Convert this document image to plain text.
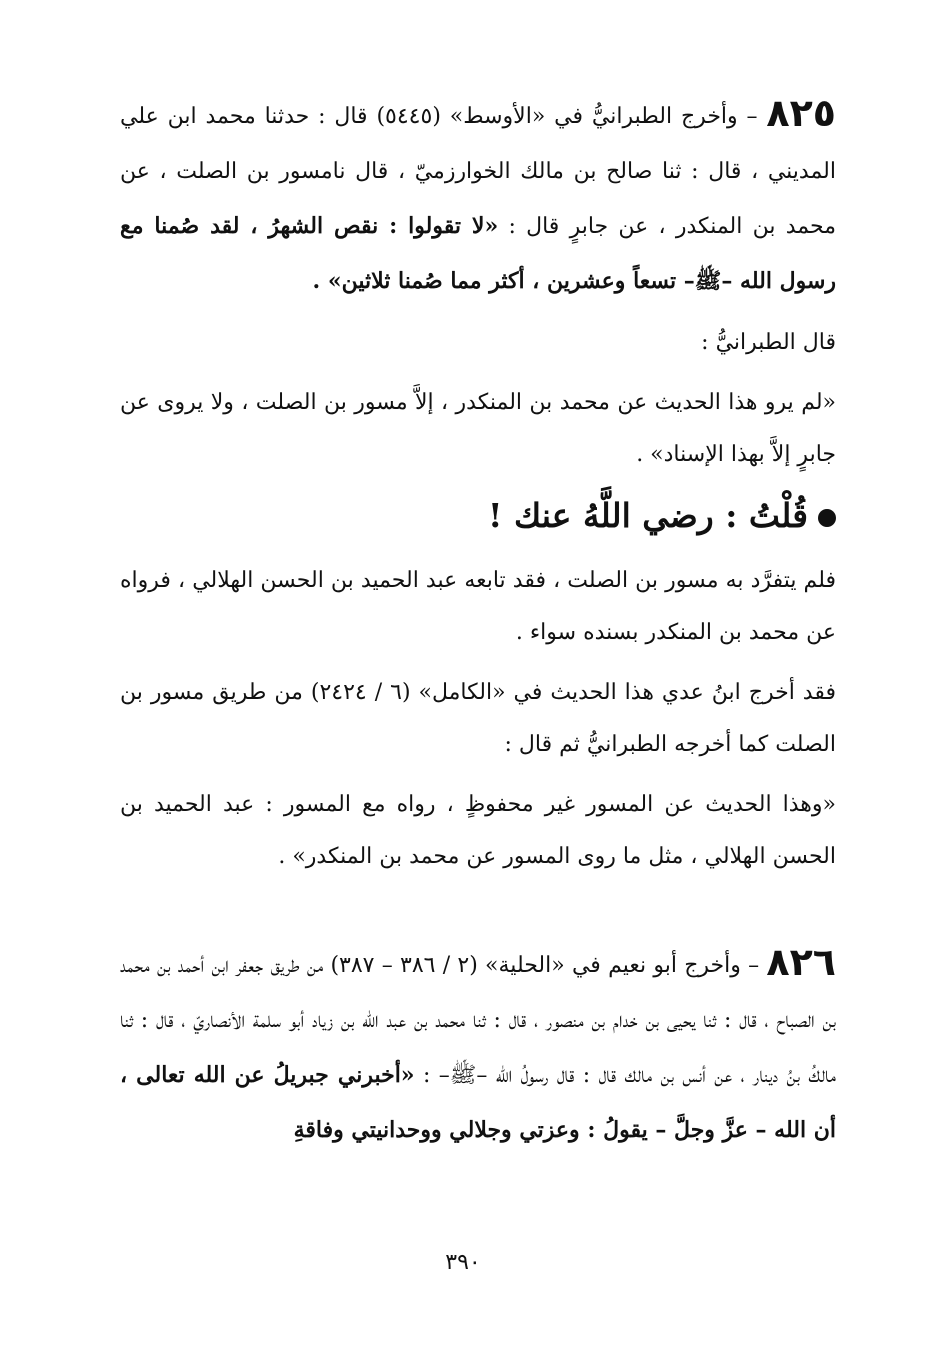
٨٢٥ – وأخرج الطبرانيُّ في «الأوسط» (٥٤٤٥) قال : حدثنا محمد ابن علي المديني ، قال : ثنا صالح بن مالك الخوارزميّ ، قال نامسور بن الصلت ، عن محمد بن المنكدر ، عن جابرٍ قال : «لا تقولوا : نقص الشهرُ ، لقد صُمنا مع رسول الله –ﷺ– تسعاً وعشرين ، أكثر مما صُمنا ثلاثين» .
قال الطبرانيُّ :
«لم يرو هذا الحديث عن محمد بن المنكدر ، إلاَّ مسور بن الصلت ، ولا يروى عن جابرٍ إلاَّ بهذا الإسناد» .
قُلْتُ : رضي اللَّهُ عنك !
فلم يتفرَّد به مسور بن الصلت ، فقد تابعه عبد الحميد بن الحسن الهلالي ، فرواه عن محمد بن المنكدر بسنده سواء .
فقد أخرج ابنُ عدي هذا الحديث في «الكامل» (٦ / ٢٤٢٤) من طريق مسور بن الصلت كما أخرجه الطبرانيُّ ثم قال :
«وهذا الحديث عن المسور غير محفوظٍ ، رواه مع المسور : عبد الحميد بن الحسن الهلالي ، مثل ما روى المسور عن محمد بن المنكدر» .
٨٢٦ – وأخرج أبو نعيم في «الحلية» (٢ / ٣٨٦ – ٣٨٧) من طريق جعفر ابن أحمد بن محمد بن الصباح ، قال : ثنا يحيى بن خدام بن منصور ، قال : ثنا محمد بن عبد الله بن زياد أبو سلمة الأنصاريّ ، قال : ثنا مالكُ بنُ دينار ، عن أنس بن مالك قال : قال رسولُ الله –ﷺ– : «أخبرني جبريلُ عن الله تعالى ، أن الله – عزَّ وجلَّ – يقولُ : وعزتي وجلالي ووحدانيتي وفاقةِ
٣٩٠
